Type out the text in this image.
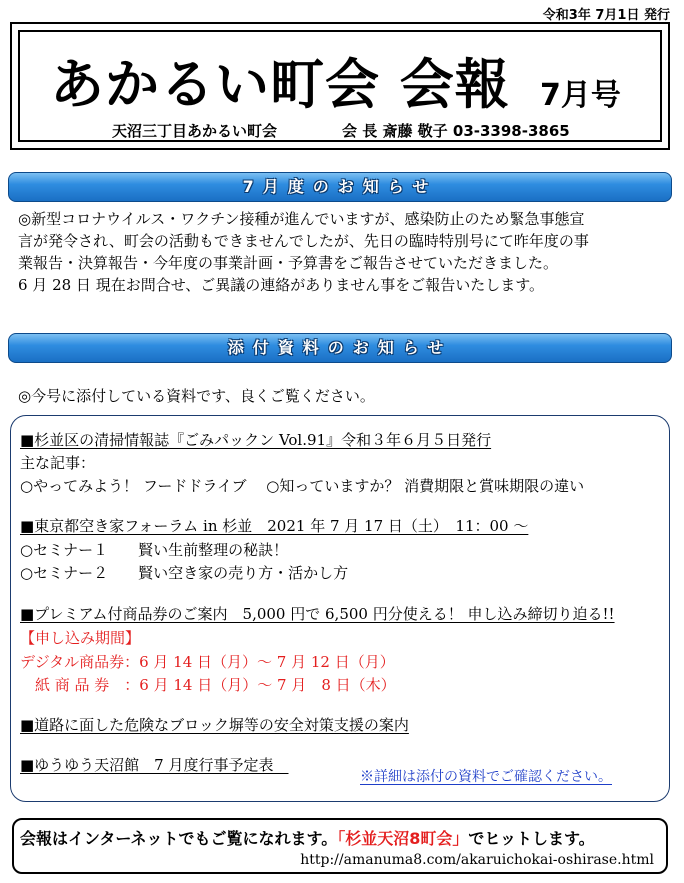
令和3年 7月1日 発行
あかるい町会 会報 7月号
天沼三丁目あかるい町会	会 長 斎藤 敬子 03-3398-3865
7月度のお知らせ
◎新型コロナウイルス・ワクチン接種が進んでいますが、感染防止のため緊急事態宣
言が発令され、町会の活動もできませんでしたが、先日の臨時特別号にて昨年度の事
業報告・決算報告・今年度の事業計画・予算書をご報告させていただきました。
6 月 28 日 現在お問合せ、ご異議の連絡がありません事をご報告いたします。
添付資料のお知らせ
◎今号に添付している資料です、良くご覧ください。
■杉並区の清掃情報誌『ごみパックン Vol.91』令和３年６月５日発行
主な記事：
○やってみよう！ フードドライブ　 ○知っていますか？ 消費期限と賞味期限の違い
■東京都空き家フォーラム in 杉並　2021 年 7 月 17 日（土）　11：00 ～
○セミナー１　　賢い生前整理の秘訣！
○セミナー２　　賢い空き家の売り方・活かし方
■プレミアム付商品券のご案内　5,000 円で 6,500 円分使える！ 申し込み締切り迫る!!
【申し込み期間】
デジタル商品券：6 月 14 日（月）～ 7 月 12 日（月）
　紙 商 品 券　：6 月 14 日（月）～ 7 月　8 日（木）
■道路に面した危険なブロック塀等の安全対策支援の案内
■ゆうゆう天沼館　7 月度行事予定表　
※詳細は添付の資料でご確認ください。
会報はインターネットでもご覧になれます。「杉並天沼8町会」でヒットします。
http://amanuma8.com/akaruichokai-oshirase.html
